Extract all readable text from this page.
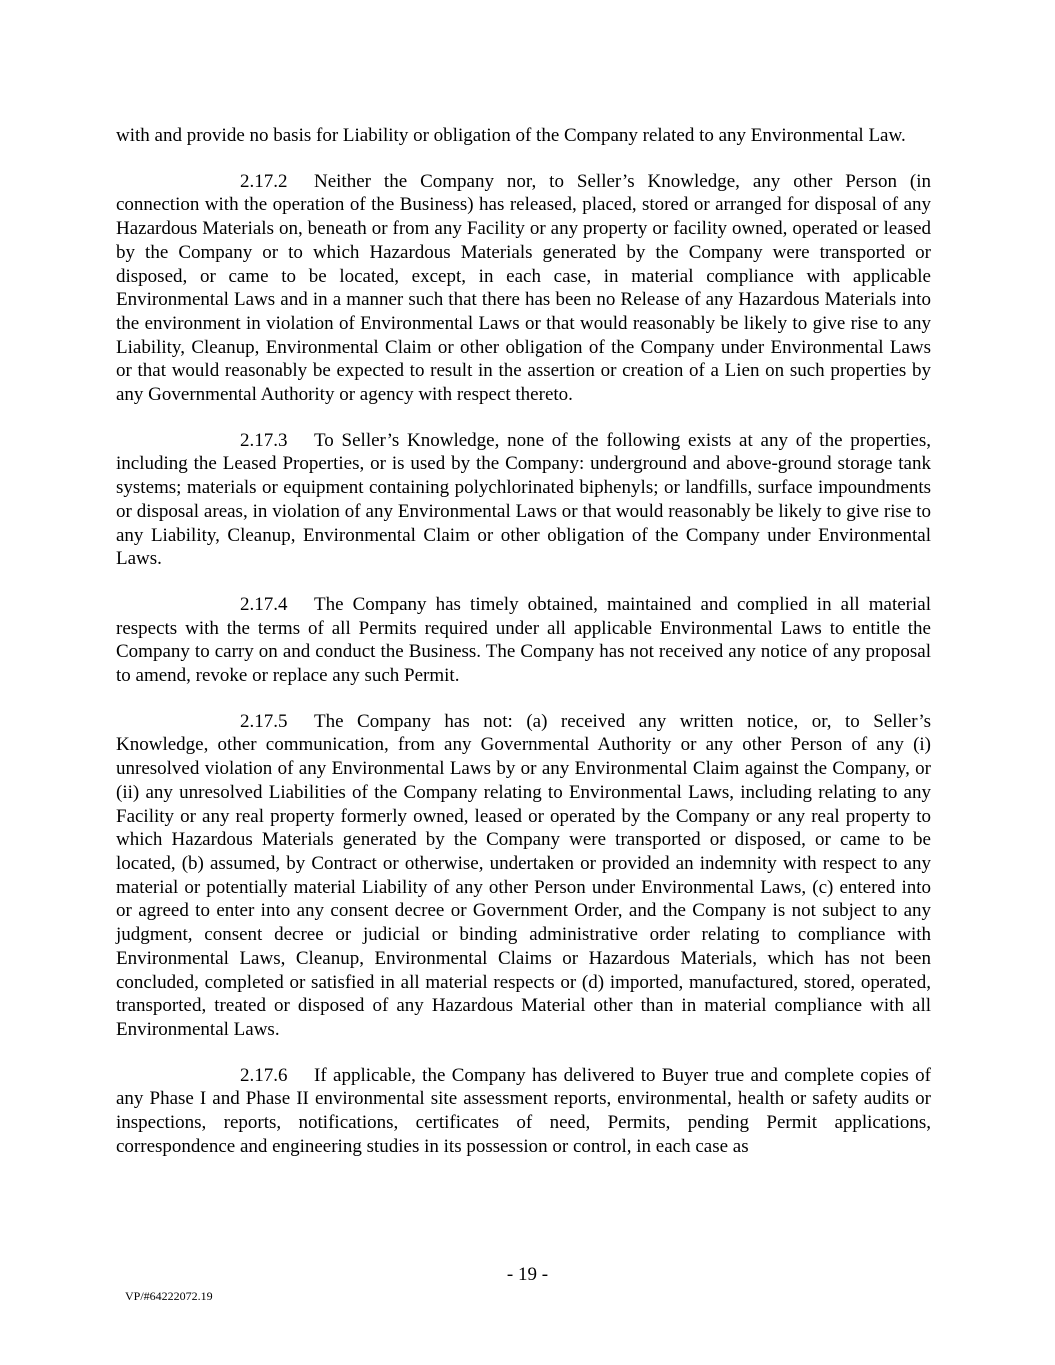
with and provide no basis for Liability or obligation of the Company related to any Environmental Law.

2.17.2 Neither the Company nor, to Seller’s Knowledge, any other Person (in connection with the operation of the Business) has released, placed, stored or arranged for disposal of any Hazardous Materials on, beneath or from any Facility or any property or facility owned, operated or leased by the Company or to which Hazardous Materials generated by the Company were transported or disposed, or came to be located, except, in each case, in material compliance with applicable Environmental Laws and in a manner such that there has been no Release of any Hazardous Materials into the environment in violation of Environmental Laws or that would reasonably be likely to give rise to any Liability, Cleanup, Environmental Claim or other obligation of the Company under Environmental Laws or that would reasonably be expected to result in the assertion or creation of a Lien on such properties by any Governmental Authority or agency with respect thereto.

2.17.3 To Seller’s Knowledge, none of the following exists at any of the properties, including the Leased Properties, or is used by the Company: underground and above-ground storage tank systems; materials or equipment containing polychlorinated biphenyls; or landfills, surface impoundments or disposal areas, in violation of any Environmental Laws or that would reasonably be likely to give rise to any Liability, Cleanup, Environmental Claim or other obligation of the Company under Environmental Laws.

2.17.4 The Company has timely obtained, maintained and complied in all material respects with the terms of all Permits required under all applicable Environmental Laws to entitle the Company to carry on and conduct the Business. The Company has not received any notice of any proposal to amend, revoke or replace any such Permit.

2.17.5 The Company has not: (a) received any written notice, or, to Seller’s Knowledge, other communication, from any Governmental Authority or any other Person of any (i) unresolved violation of any Environmental Laws by or any Environmental Claim against the Company, or (ii) any unresolved Liabilities of the Company relating to Environmental Laws, including relating to any Facility or any real property formerly owned, leased or operated by the Company or any real property to which Hazardous Materials generated by the Company were transported or disposed, or came to be located, (b) assumed, by Contract or otherwise, undertaken or provided an indemnity with respect to any material or potentially material Liability of any other Person under Environmental Laws, (c) entered into or agreed to enter into any consent decree or Government Order, and the Company is not subject to any judgment, consent decree or judicial or binding administrative order relating to compliance with Environmental Laws, Cleanup, Environmental Claims or Hazardous Materials, which has not been concluded, completed or satisfied in all material respects or (d) imported, manufactured, stored, operated, transported, treated or disposed of any Hazardous Material other than in material compliance with all Environmental Laws.

2.17.6 If applicable, the Company has delivered to Buyer true and complete copies of any Phase I and Phase II environmental site assessment reports, environmental, health or safety audits or inspections, reports, notifications, certificates of need, Permits, pending Permit applications, correspondence and engineering studies in its possession or control, in each case as

- 19 -
VP/#64222072.19
